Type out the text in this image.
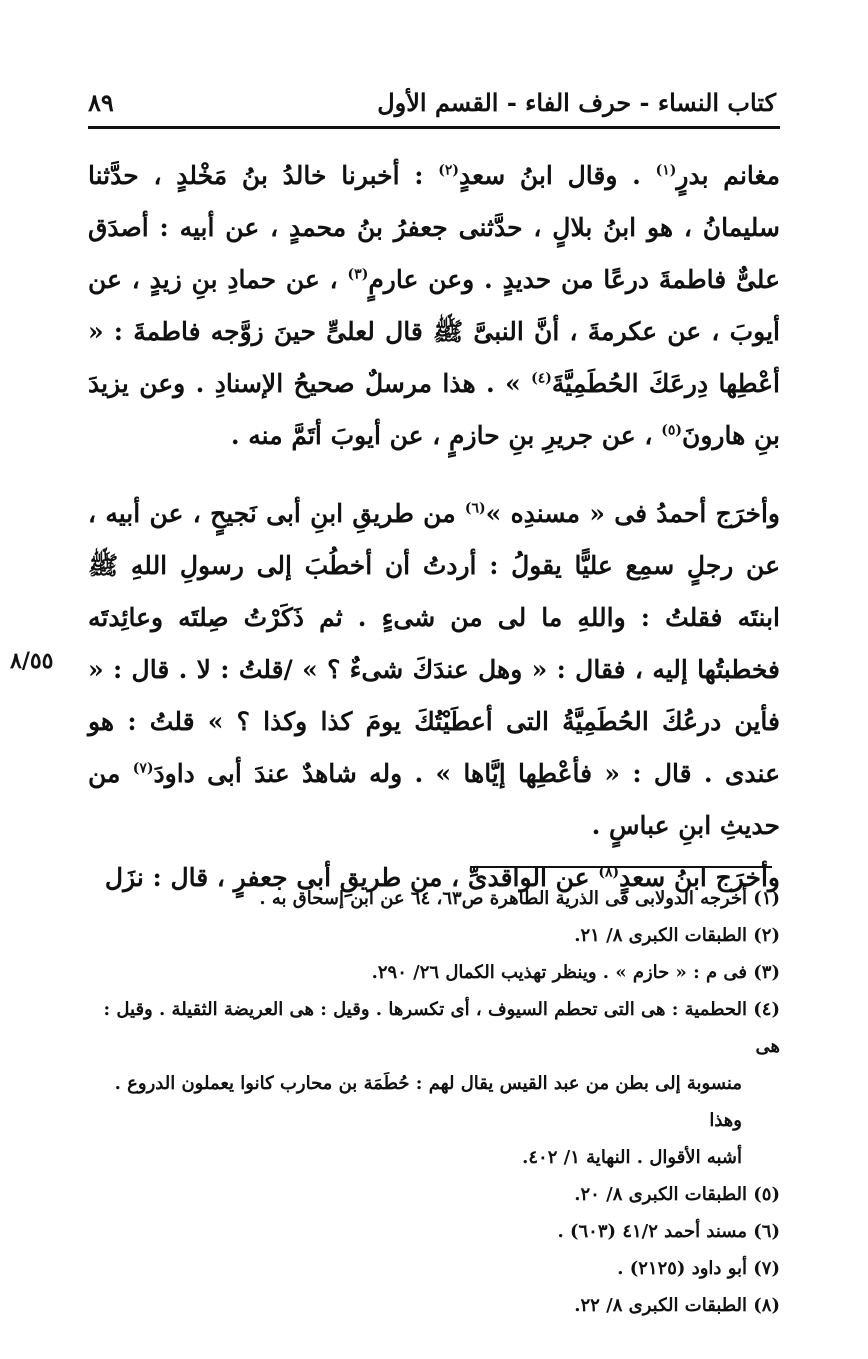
٨٩	كتاب النساء - حرف الفاء - القسم الأول

مغانم بدرٍ$^{(١)}$ . وقال ابنُ سعدٍ$^{(٢)}$ : أخبرنا خالدُ بنُ مَخْلدٍ ، حدَّثنا سليمانُ ، هو ابنُ بلالٍ ، حدَّثنى جعفرُ بنُ محمدٍ ، عن أبيه : أصدَق علىٌّ فاطمةَ درعًا من حديدٍ . وعن عارمٍ$^{(٣)}$ ، عن حمادِ بنِ زيدٍ ، عن أيوبَ ، عن عكرمةَ ، أنَّ النبىَّ ﷺ قال لعلىٍّ حينَ زوَّجه فاطمةَ : « أعْطِها دِرعَكَ الحُطَمِيَّةَ$^{(٤)}$ » . هذا مرسلٌ صحيحُ الإسنادِ . وعن يزيدَ بنِ هارونَ$^{(٥)}$ ، عن جريرِ بنِ حازمٍ ، عن أيوبَ أتَمَّ منه .

وأخرَج أحمدُ فى « مسندِه »$^{(٦)}$ من طريقِ ابنِ أبى نَجيحٍ ، عن أبيه ، عن رجلٍ سمِع عليًّا يقولُ : أردتُ أن أخطُبَ إلى رسولِ اللهِ ﷺ ابنتَه فقلتُ : واللهِ ما لى من شىءٍ . ثم ذَكَرْتُ صِلتَه وعائِدتَه فخطبتُها إليه ، فقال : « وهل عندَكَ شىءٌ ؟ » /قلتُ : لا . قال : « فأين درعُكَ الحُطَمِيَّةُ التى أعطَيْتُكَ يومَ كذا وكذا ؟ » قلتُ : هو عندى . قال : « فأعْطِها إيَّاها » . وله شاهدٌ عندَ أبى داودَ$^{(٧)}$ من حديثِ ابنِ عباسٍ .

وأخرَج ابنُ سعدٍ$^{(٨)}$ عن الواقدىِّ ، من طريقِ أبى جعفرٍ ، قال : نزَل

٨/٥٥
(١) أخرجه الدولابى فى الذرية الطاهرة ص٦٣، ٦٤ عن ابن إسحاق به .
(٢) الطبقات الكبرى ٨/ ٢١.
(٣) فى م : « حازم » . وينظر تهذيب الكمال ٢٦/ ٢٩٠.
(٤) الحطمية : هى التى تحطم السيوف ، أى تكسرها . وقيل : هى العريضة الثقيلة . وقيل : هى
منسوبة إلى بطن من عبد القيس يقال لهم : حُطَمَة بن محارب كانوا يعملون الدروع . وهذا
أشبه الأقوال . النهاية ١/ ٤٠٢.
(٥) الطبقات الكبرى ٨/ ٢٠.
(٦) مسند أحمد ٤١/٢ (٦٠٣) .
(٧) أبو داود (٢١٢٥) .
(٨) الطبقات الكبرى ٨/ ٢٢.
